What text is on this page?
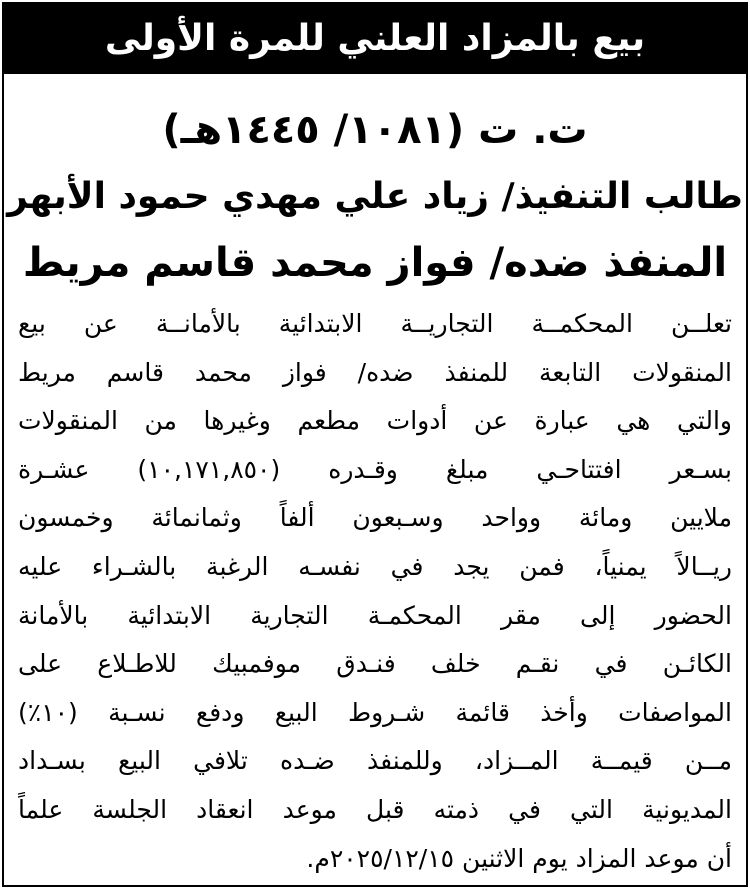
بيع بالمزاد العلني للمرة الأولى
ت. ت (١٠٨١/ ١٤٤٥هـ)
طالب التنفيذ/ زياد علي مهدي حمود الأبهر
المنفذ ضده/ فواز محمد قاسم مريط
تعلــن المحكمــة التجاريــة الابتدائية بالأمانــة عن بيع
المنقولات التابعة للمنفذ ضده/ فواز محمد قاسم مريط
والتي هي عبارة عن أدوات مطعم وغيرها من المنقولات
بسـعر افتتاحـي مبلغ وقـدره (١٠,١٧١,٨٥٠) عشـرة
ملايين ومائة وواحد وسـبعون ألفاً وثمانمائة وخمسون
ريــالاً يمنياً، فمن يجد في نفسـه الرغبة بالشـراء عليه
الحضور إلى مقر المحكمـة التجارية الابتدائية بالأمانة
الكائـن في نقـم خلف فنـدق موفمبيك للاطـلاع على
المواصفات وأخذ قائمة شـروط البيع ودفع نسـبة (١٠٪)
مــن قيمــة المــزاد، وللمنفذ ضـده تلافي البيع بسـداد
المديونية التي في ذمته قبل موعد انعقاد الجلسة علماً
أن موعد المزاد يوم الاثنين ٢٠٢٥/١٢/١٥م.
